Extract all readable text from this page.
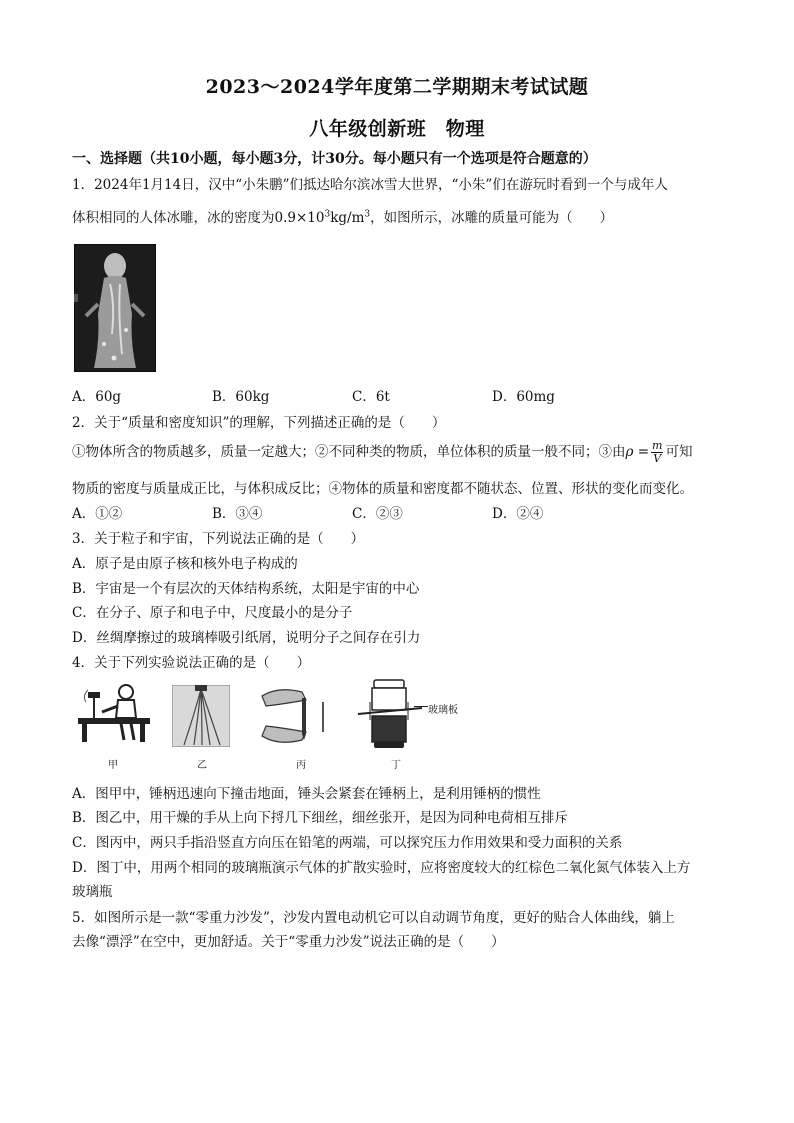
2023～2024学年度第二学期期末考试试题
八年级创新班　物理
一、选择题（共10小题，每小题3分，计30分。每小题只有一个选项是符合题意的）
1．2024年1月14日，汉中“小朱鹏”们抵达哈尔滨冰雪大世界，“小朱”们在游玩时看到一个与成年人
体积相同的人体冰雕，冰的密度为$0.9\times 10^3kg/m^3$，如图所示，冰雕的质量可能为（　　）
A．60g	B．60kg	C．6t	D．60mg
2．关于“质量和密度知识”的理解，下列描述正确的是（　　）
①物体所含的物质越多，质量一定越大；②不同种类的物质，单位体积的质量一般不同；③由$\rho = \frac{m}{V}$ 可知
物质的密度与质量成正比，与体积成反比；④物体的质量和密度都不随状态、位置、形状的变化而变化。
A．①②	B．③④	C．②③	D．②④
3．关于粒子和宇宙，下列说法正确的是（　　）
A．原子是由原子核和核外电子构成的
B．宇宙是一个有层次的天体结构系统，太阳是宇宙的中心
C．在分子、原子和电子中，尺度最小的是分子
D．丝绸摩擦过的玻璃棒吸引纸屑，说明分子之间存在引力
4．关于下列实验说法正确的是（　　）
甲	乙	丙	丁
玻璃板
A．图甲中，锤柄迅速向下撞击地面，锤头会紧套在锤柄上，是利用锤柄的惯性
B．图乙中，用干燥的手从上向下捋几下细丝，细丝张开，是因为同种电荷相互排斥
C．图丙中，两只手指沿竖直方向压在铅笔的两端，可以探究压力作用效果和受力面积的关系
D．图丁中，用两个相同的玻璃瓶演示气体的扩散实验时，应将密度较大的红棕色二氧化氮气体装入上方
玻璃瓶
5．如图所示是一款“零重力沙发”，沙发内置电动机它可以自动调节角度，更好的贴合人体曲线，躺上
去像“漂浮”在空中，更加舒适。关于“零重力沙发”说法正确的是（　　）
